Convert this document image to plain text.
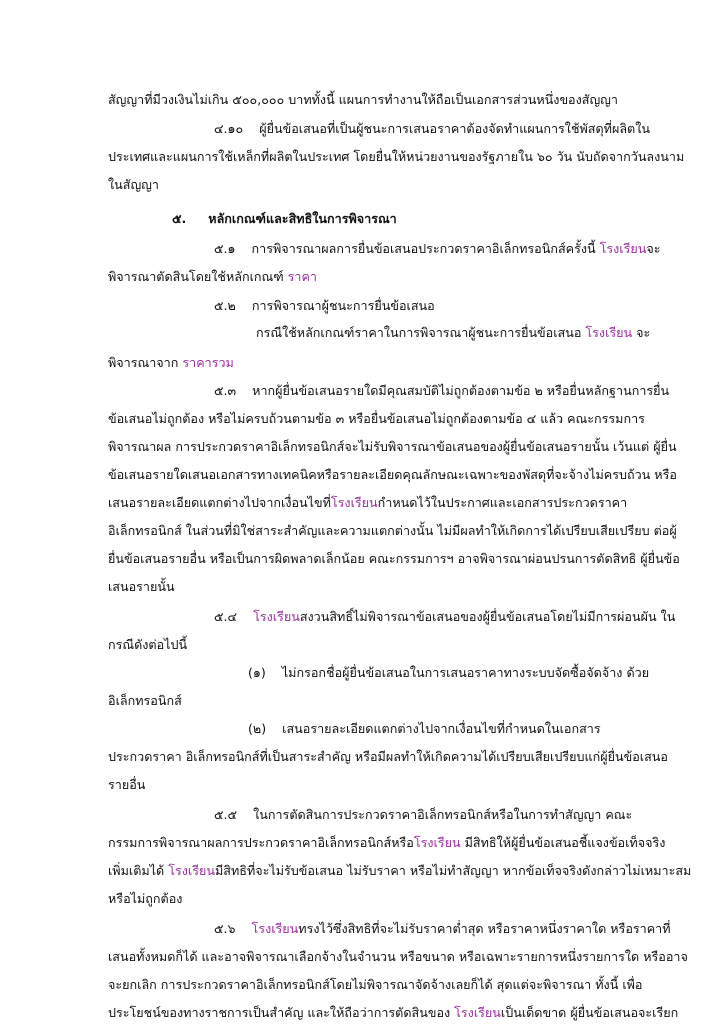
สัญญาที่มีวงเงินไม่เกิน ๕๐๐,๐๐๐ บาททั้งนี้ แผนการทำงานให้ถือเป็นเอกสารส่วนหนึ่งของสัญญา
๔.๑๐ ผู้ยื่นข้อเสนอที่เป็นผู้ชนะการเสนอราคาต้องจัดทำแผนการใช้พัสดุที่ผลิตใน
ประเทศและแผนการใช้เหล็กที่ผลิตในประเทศ โดยยื่นให้หน่วยงานของรัฐภายใน ๖๐ วัน นับถัดจากวันลงนาม
ในสัญญา
๕. หลักเกณฑ์และสิทธิในการพิจารณา
๕.๑ การพิจารณาผลการยื่นข้อเสนอประกวดราคาอิเล็กทรอนิกส์ครั้งนี้ โรงเรียนจะ
พิจารณาตัดสินโดยใช้หลักเกณฑ์ ราคา
๕.๒ การพิจารณาผู้ชนะการยื่นข้อเสนอ
กรณีใช้หลักเกณฑ์ราคาในการพิจารณาผู้ชนะการยื่นข้อเสนอ โรงเรียน จะ
พิจารณาจาก ราคารวม
๕.๓ หากผู้ยื่นข้อเสนอรายใดมีคุณสมบัติไม่ถูกต้องตามข้อ ๒ หรือยื่นหลักฐานการยื่น
ข้อเสนอไม่ถูกต้อง หรือไม่ครบถ้วนตามข้อ ๓ หรือยื่นข้อเสนอไม่ถูกต้องตามข้อ ๔ แล้ว คณะกรรมการ
พิจารณาผล การประกวดราคาอิเล็กทรอนิกส์จะไม่รับพิจารณาข้อเสนอของผู้ยื่นข้อเสนอรายนั้น เว้นแต่ ผู้ยื่น
ข้อเสนอรายใดเสนอเอกสารทางเทคนิคหรือรายละเอียดคุณลักษณะเฉพาะของพัสดุที่จะจ้างไม่ครบถ้วน หรือ
เสนอรายละเอียดแตกต่างไปจากเงื่อนไขที่โรงเรียนกำหนดไว้ในประกาศและเอกสารประกวดราคา
อิเล็กทรอนิกส์ ในส่วนที่มิใช่สาระสำคัญและความแตกต่างนั้น ไม่มีผลทำให้เกิดการได้เปรียบเสียเปรียบ ต่อผู้
ยื่นข้อเสนอรายอื่น หรือเป็นการผิดพลาดเล็กน้อย คณะกรรมการฯ อาจพิจารณาผ่อนปรนการตัดสิทธิ ผู้ยื่นข้อ
เสนอรายนั้น
๕.๔ โรงเรียนสงวนสิทธิ์ไม่พิจารณาข้อเสนอของผู้ยื่นข้อเสนอโดยไม่มีการผ่อนผัน ใน
กรณีดังต่อไปนี้
(๑) ไม่กรอกชื่อผู้ยื่นข้อเสนอในการเสนอราคาทางระบบจัดซื้อจัดจ้าง ด้วย
อิเล็กทรอนิกส์
(๒) เสนอรายละเอียดแตกต่างไปจากเงื่อนไขที่กำหนดในเอกสาร
ประกวดราคา อิเล็กทรอนิกส์ที่เป็นสาระสำคัญ หรือมีผลทำให้เกิดความได้เปรียบเสียเปรียบแก่ผู้ยื่นข้อเสนอ
รายอื่น
๕.๕ ในการตัดสินการประกวดราคาอิเล็กทรอนิกส์หรือในการทำสัญญา คณะ
กรรมการพิจารณาผลการประกวดราคาอิเล็กทรอนิกส์หรือโรงเรียน มีสิทธิให้ผู้ยื่นข้อเสนอชี้แจงข้อเท็จจริง
เพิ่มเติมได้ โรงเรียนมีสิทธิที่จะไม่รับข้อเสนอ ไม่รับราคา หรือไม่ทำสัญญา หากข้อเท็จจริงดังกล่าวไม่เหมาะสม
หรือไม่ถูกต้อง
๕.๖ โรงเรียนทรงไว้ซึ่งสิทธิที่จะไม่รับราคาต่ำสุด หรือราคาหนึ่งราคาใด หรือราคาที่
เสนอทั้งหมดก็ได้ และอาจพิจารณาเลือกจ้างในจำนวน หรือขนาด หรือเฉพาะรายการหนึ่งรายการใด หรืออาจ
จะยกเลิก การประกวดราคาอิเล็กทรอนิกส์โดยไม่พิจารณาจัดจ้างเลยก็ได้ สุดแต่จะพิจารณา ทั้งนี้ เพื่อ
ประโยชน์ของทางราชการเป็นสำคัญ และให้ถือว่าการตัดสินของ โรงเรียนเป็นเด็ดขาด ผู้ยื่นข้อเสนอจะเรียก
